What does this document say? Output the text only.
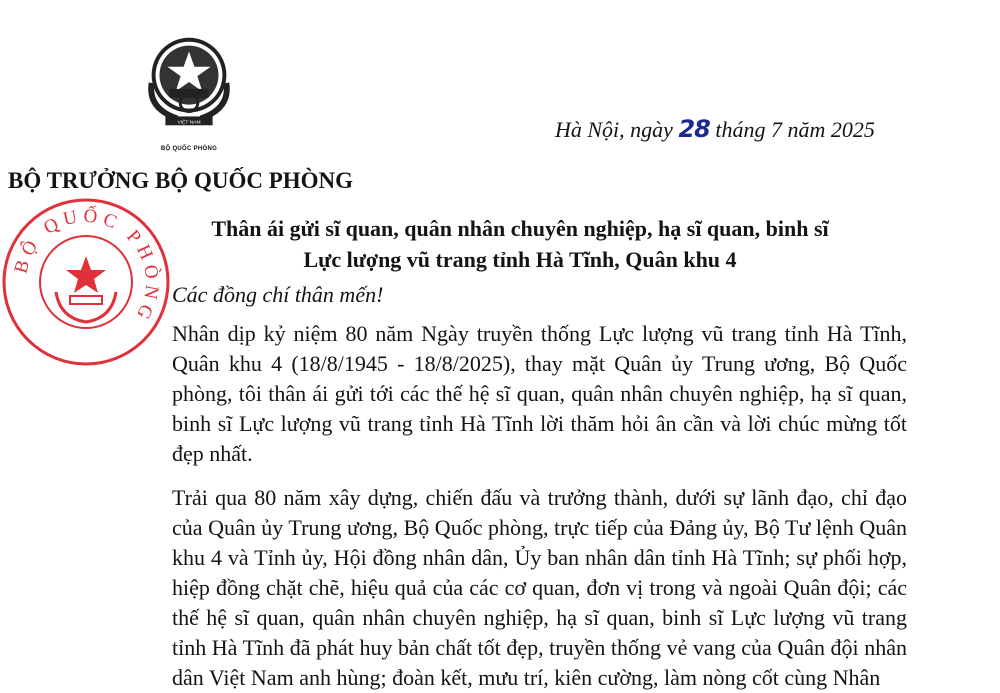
VIỆT NAM
BỘ QUỐC PHÒNG
Hà Nội, ngày 28 tháng 7 năm 2025
BỘ TRƯỞNG BỘ QUỐC PHÒNG
BỘ QUỐC PHÒNG
Thân ái gửi sĩ quan, quân nhân chuyên nghiệp, hạ sĩ quan, binh sĩ
Lực lượng vũ trang tỉnh Hà Tĩnh, Quân khu 4
Các đồng chí thân mến!

Nhân dịp kỷ niệm 80 năm Ngày truyền thống Lực lượng vũ trang tỉnh Hà Tĩnh, Quân khu 4 (18/8/1945 - 18/8/2025), thay mặt Quân ủy Trung ương, Bộ Quốc phòng, tôi thân ái gửi tới các thế hệ sĩ quan, quân nhân chuyên nghiệp, hạ sĩ quan, binh sĩ Lực lượng vũ trang tỉnh Hà Tĩnh lời thăm hỏi ân cần và lời chúc mừng tốt đẹp nhất.

Trải qua 80 năm xây dựng, chiến đấu và trưởng thành, dưới sự lãnh đạo, chỉ đạo của Quân ủy Trung ương, Bộ Quốc phòng, trực tiếp của Đảng ủy, Bộ Tư lệnh Quân khu 4 và Tỉnh ủy, Hội đồng nhân dân, Ủy ban nhân dân tỉnh Hà Tĩnh; sự phối hợp, hiệp đồng chặt chẽ, hiệu quả của các cơ quan, đơn vị trong và ngoài Quân đội; các thế hệ sĩ quan, quân nhân chuyên nghiệp, hạ sĩ quan, binh sĩ Lực lượng vũ trang tỉnh Hà Tĩnh đã phát huy bản chất tốt đẹp, truyền thống vẻ vang của Quân đội nhân dân Việt Nam anh hùng; đoàn kết, mưu trí, kiên cường, làm nòng cốt cùng Nhân
